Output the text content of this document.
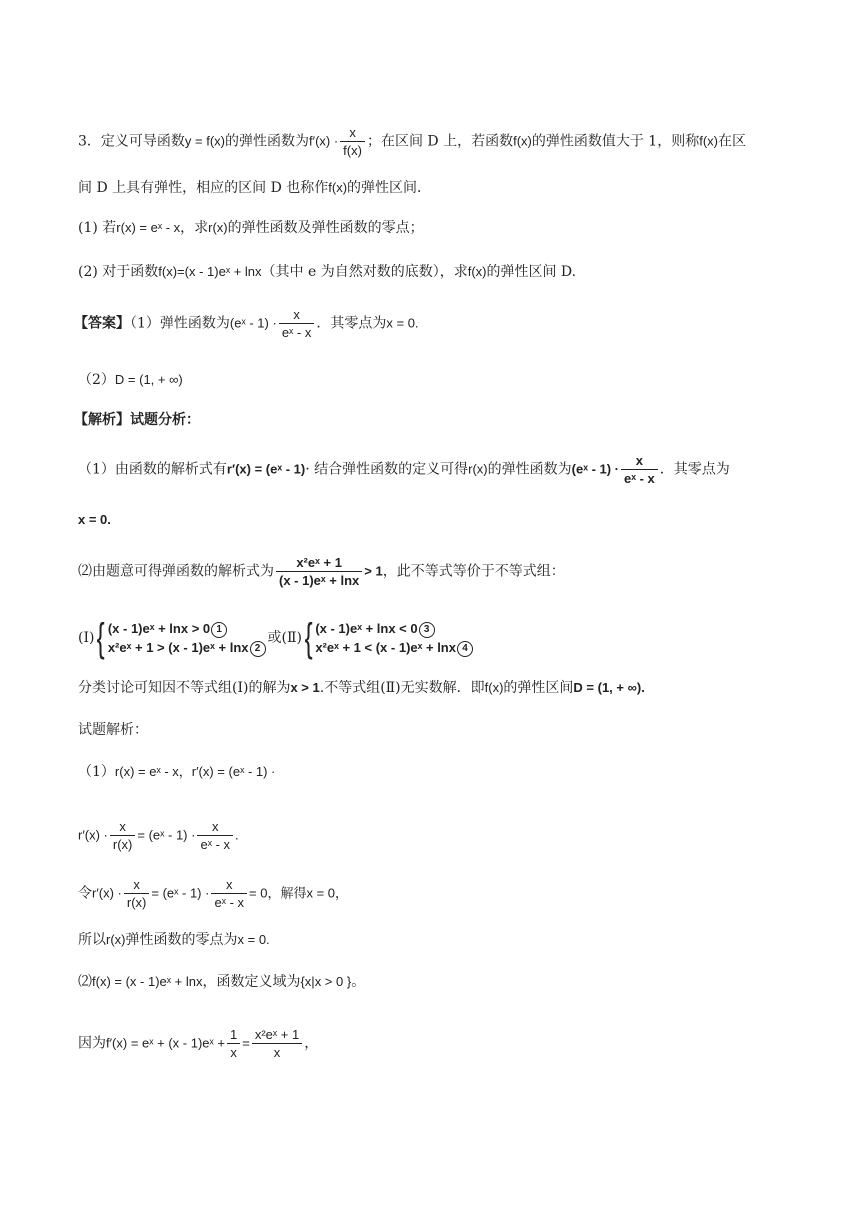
3．定义可导函数y = f(x)的弹性函数为$f'(x) \cdot \frac{x}{f(x)}$ ；在区间 D 上，若函数f(x)的弹性函数值大于 1，则称f(x)在区
间 D 上具有弹性，相应的区间 D 也称作f(x)的弹性区间．
(1) 若r(x) = eˣ - x，求r(x)的弹性函数及弹性函数的零点；
(2) 对于函数f(x)=(x - 1)eˣ + lnx（其中 e 为自然对数的底数），求f(x)的弹性区间 D.
【答案】（1）弹性函数为(eˣ - $1) \cdot \frac{x}{\text{eˣ - x}}$ ．其零点为x = 0.
（2）D = (1, + ∞)
【解析】试题分析：
（1）由函数的解析式有r′(x) = (eˣ - 1)· 结合弹性函数的定义可得r(x)的弹性函数为(eˣ - $1) \cdot \frac{x}{\text{eˣ - x}}$ ．其零点为
x = 0.
⑵由题意可得弹函数的解析式为 $\frac{\text{x²eˣ + 1}}{\text{(x - 1)eˣ + lnx}} > 1$，此不等式等价于不等式组：
(Ⅰ){ (x - 1)eˣ + lnx > 0 1
x²eˣ + 1 > (x - 1)eˣ + lnx 2
或(Ⅱ){ (x - 1)eˣ + lnx < 0 3
x²eˣ + 1 < (x - 1)eˣ + lnx 4
分类讨论可知因不等式组(Ⅰ)的解为x > 1.不等式组(Ⅱ)无实数解．即f(x)的弹性区间D = (1, + ∞).
试题解析：
（1）r(x) = eˣ - x，r′(x) = (eˣ - 1) ·
$r'(x) \cdot \frac{x}{r(x)}$ = (eˣ - $1) \cdot \frac{x}{\text{eˣ - x}}$ .
令$r'(x) \cdot \frac{x}{r(x)}$ = (eˣ - $1) \cdot \frac{x}{\text{eˣ - x}} = 0$，解得x = 0，
所以r(x)弹性函数的零点为x = 0.
⑵f(x) = (x - 1)eˣ + lnx，函数定义域为{x|x > 0 }。
因为f′(x) = eˣ + (x - 1)eˣ + $\frac{1}{x} = \frac{\text{x²eˣ + 1}}{x}$ ，
